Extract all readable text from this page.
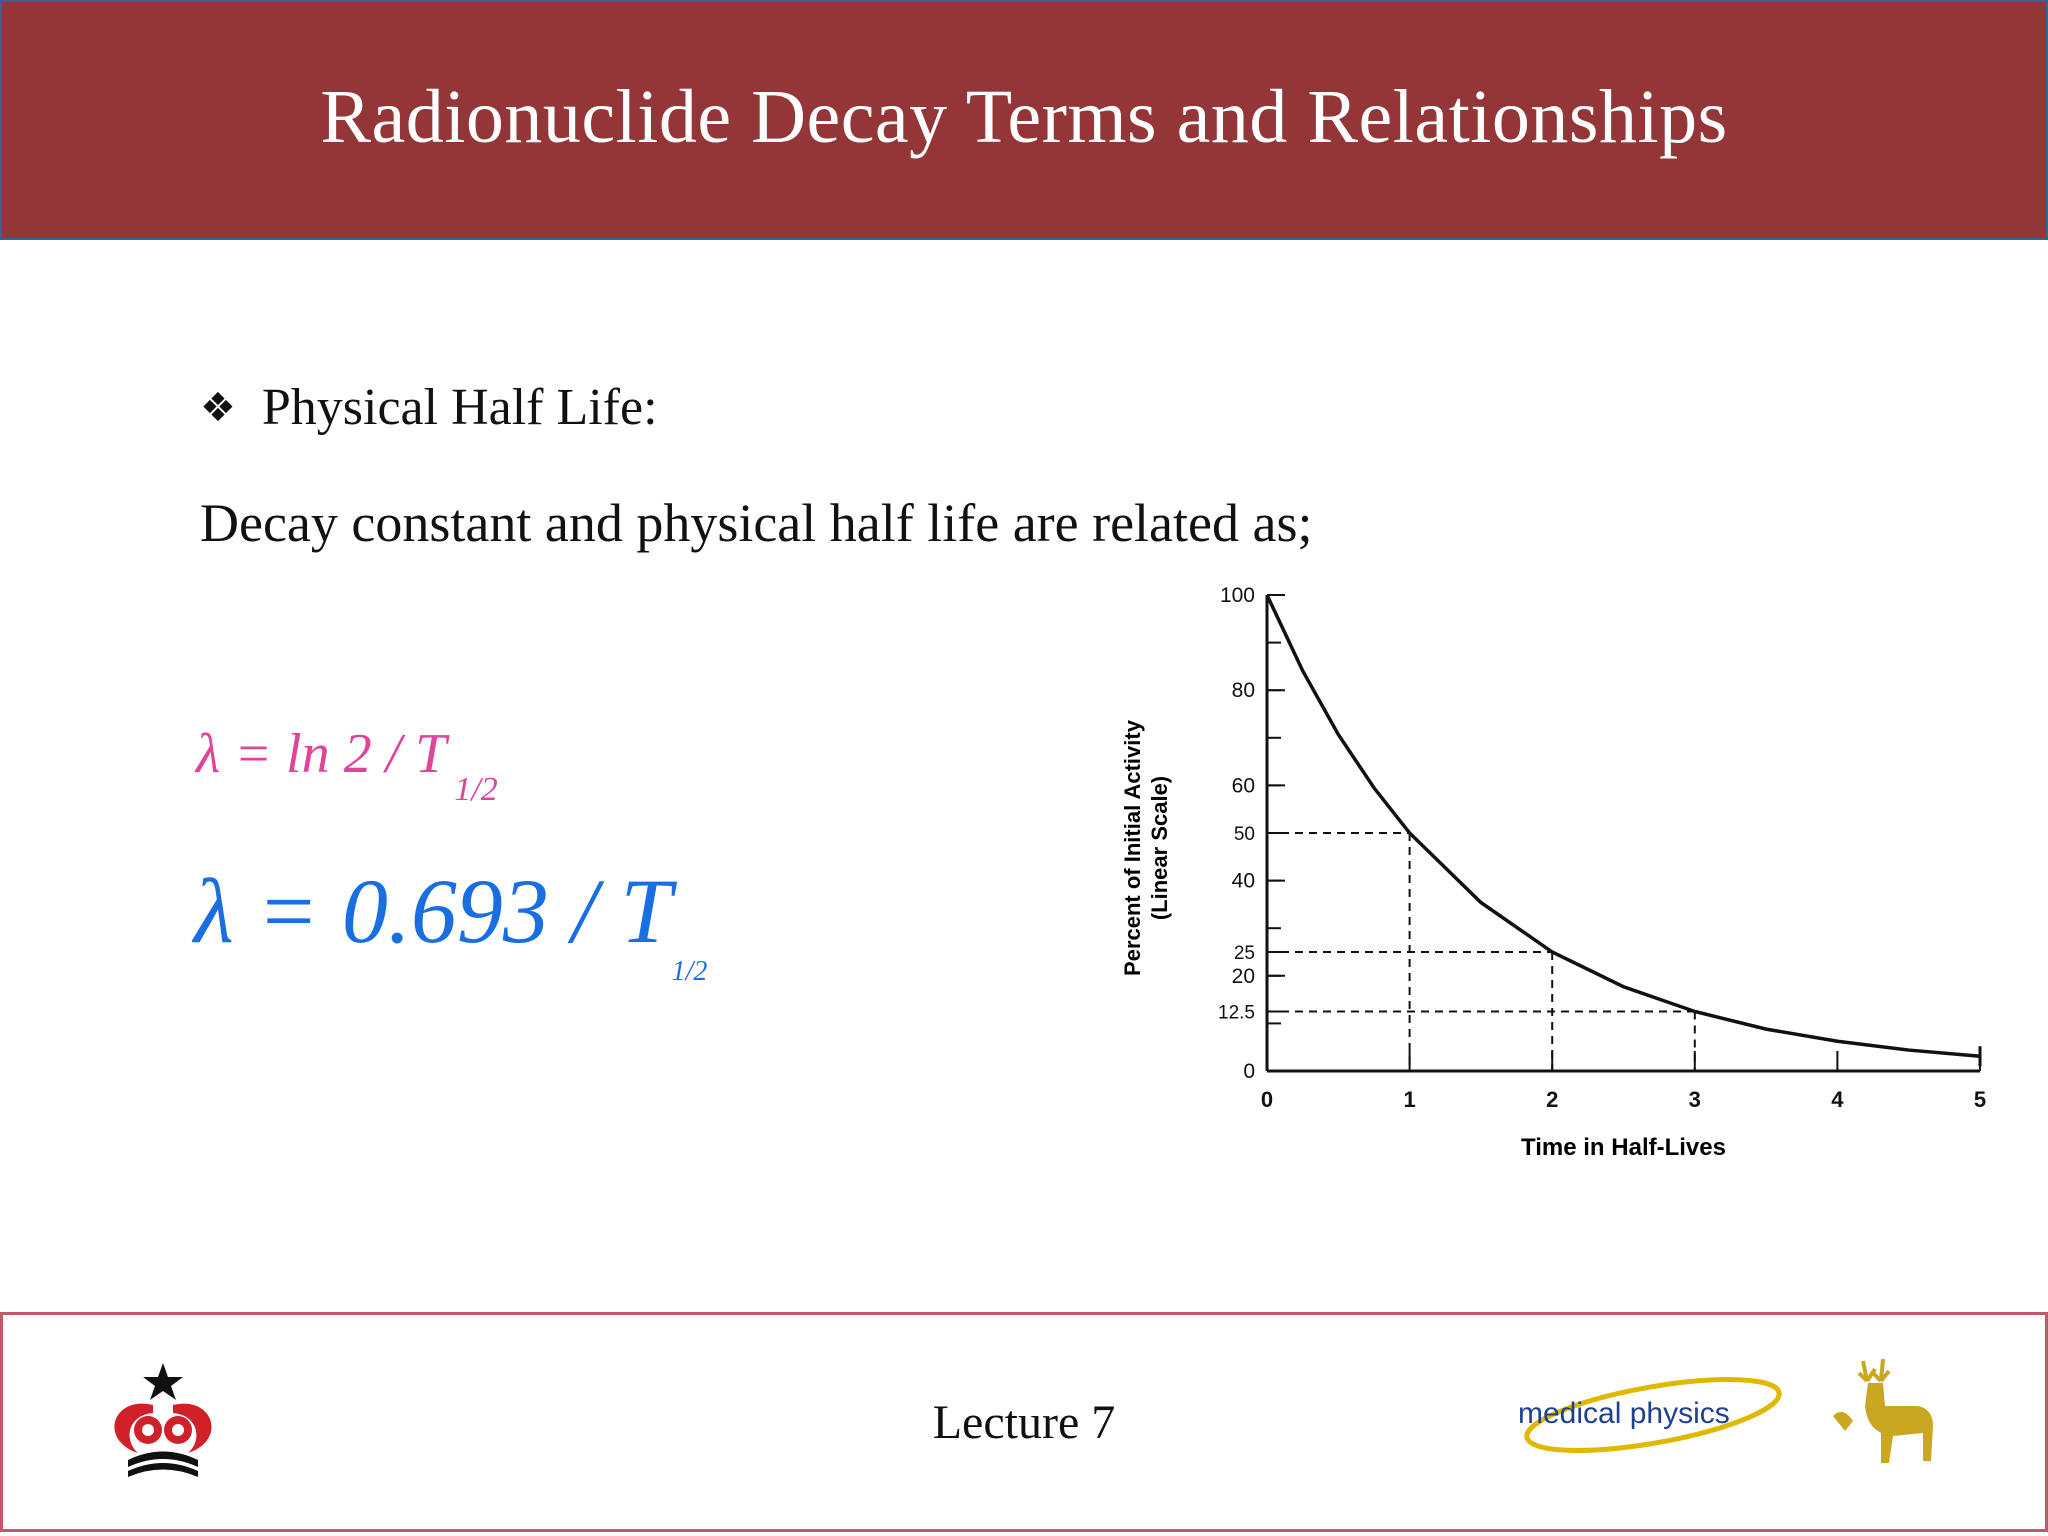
Radionuclide Decay Terms and Relationships
❖ Physical Half Life:
Decay constant and physical half life are related as;
$\lambda = \ln 2 / T_{1/2}$
$\lambda = 0.693 / T_{1/2}$	Percent of Initial Activity (Linear Scale)
Time in Half-Lives
0
12.5
20
25
40
50
60
80
100
0	1	2	3	4	5
Lecture 7	medical physics
